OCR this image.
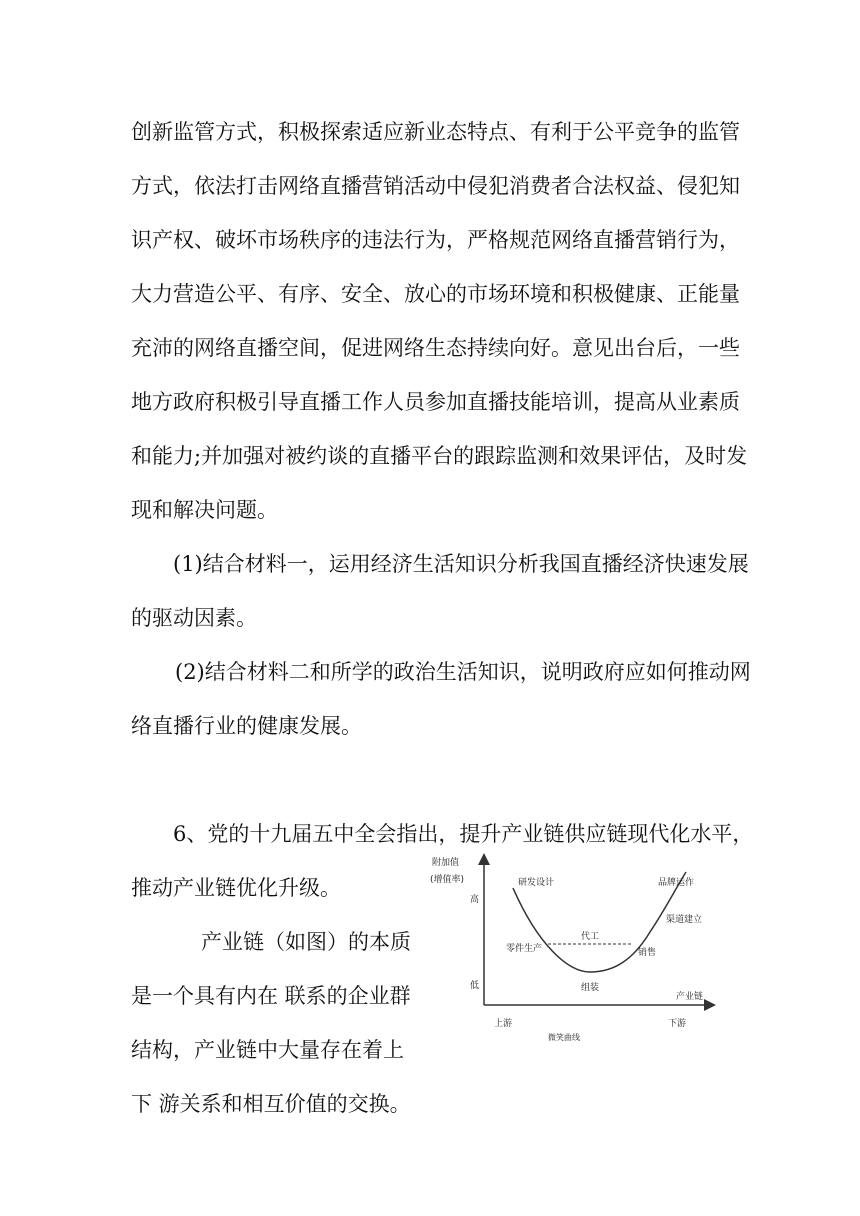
创新监管方式，积极探索适应新业态特点、有利于公平竞争的监管
方式，依法打击网络直播营销活动中侵犯消费者合法权益、侵犯知
识产权、破坏市场秩序的违法行为，严格规范网络直播营销行为，
大力营造公平、有序、安全、放心的市场环境和积极健康、正能量
充沛的网络直播空间，促进网络生态持续向好。意见出台后，一些
地方政府积极引导直播工作人员参加直播技能培训，提高从业素质
和能力;并加强对被约谈的直播平台的跟踪监测和效果评估，及时发
现和解决问题。
(1)结合材料一，运用经济生活知识分析我国直播经济快速发展
的驱动因素。
(2)结合材料二和所学的政治生活知识，说明政府应如何推动网
络直播行业的健康发展。
6、党的十九届五中全会指出，提升产业链供应链现代化水平，
推动产业链优化升级。
产业链（如图）的本质
是一个具有内在 联系的企业群
结构，产业链中大量存在着上
下 游关系和相互价值的交换。
附加值
(增值率)
高
低
研发设计	品牌运作
渠道建立
代工
零件生产	销售
组装
产业链
上游	下游
微笑曲线
